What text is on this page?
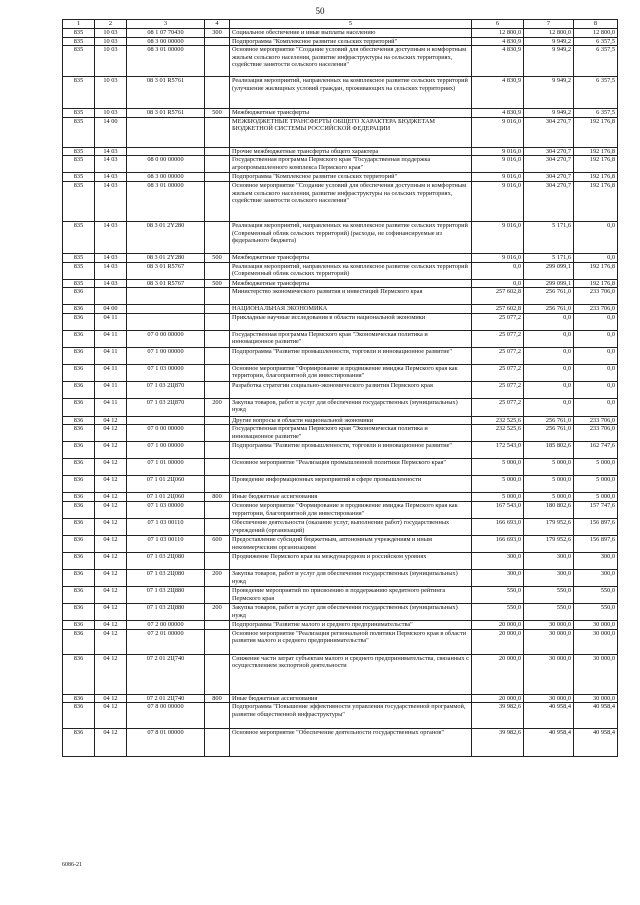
50
1	2	3	4	5	6	7	8
835	10 03	08 1 07 70430	300	Социальное обеспечение и иные выплаты населению	12 800,0	12 800,0	12 800,0
835	10 03	08 3 00 00000		Подпрограмма "Комплексное развитие сельских территорий"	4 830,9	9 949,2	6 357,5
835	10 03	08 3 01 00000		Основное мероприятие "Создание условий для обеспечения доступным и комфортным жильем сельского населения, развитие инфраструктуры на сельских территориях, содействие занятости сельского населения"	4 830,9	9 949,2	6 357,5
835	10 03	08 3 01 R5761		Реализация мероприятий, направленных на комплексное развитие сельских территорий (улучшение жилищных условий граждан, проживающих на сельских территориях)	4 830,9	9 949,2	6 357,5
835	10 03	08 3 01 R5761	500	Межбюджетные трансферты	4 830,9	9 949,2	6 357,5
835	14 00			МЕЖБЮДЖЕТНЫЕ ТРАНСФЕРТЫ ОБЩЕГО ХАРАКТЕРА БЮДЖЕТАМ БЮДЖЕТНОЙ СИСТЕМЫ РОССИЙСКОЙ ФЕДЕРАЦИИ	9 016,0	304 270,7	192 176,8
835	14 03			Прочие межбюджетные трансферты общего характера	9 016,0	304 270,7	192 176,8
835	14 03	08 0 00 00000		Государственная программа Пермского края "Государственная поддержка агропромышленного комплекса Пермского края"	9 016,0	304 270,7	192 176,8
835	14 03	08 3 00 00000		Подпрограмма "Комплексное развитие сельских территорий"	9 016,0	304 270,7	192 176,8
835	14 03	08 3 01 00000		Основное мероприятие "Создание условий для обеспечения доступным и комфортным жильем сельского населения, развитие инфраструктуры на сельских территориях, содействие занятости сельского населения"	9 016,0	304 270,7	192 176,8
835	14 03	08 3 01 2Y280		Реализация мероприятий, направленных на комплексное развитие сельских территорий (Современный облик сельских территорий) (расходы, не софинансируемые из федерального бюджета)	9 016,0	5 171,6	0,0
835	14 03	08 3 01 2Y280	500	Межбюджетные трансферты	9 016,0	5 171,6	0,0
835	14 03	08 3 01 R5767		Реализация мероприятий, направленных на комплексное развитие сельских территорий (Современный облик сельских территорий)	0,0	299 099,1	192 176,8
835	14 03	08 3 01 R5767	500	Межбюджетные трансферты	0,0	299 099,1	192 176,8
836				Министерство экономического развития и инвестиций Пермского края	257 602,8	256 761,0	233 706,0
836	04 00			НАЦИОНАЛЬНАЯ ЭКОНОМИКА	257 602,8	256 761,0	233 706,0
836	04 11			Прикладные научные исследования в области национальной экономики	25 077,2	0,0	0,0
836	04 11	07 0 00 00000		Государственная программа Пермского края "Экономическая политика и инновационное развитие"	25 077,2	0,0	0,0
836	04 11	07 1 00 00000		Подпрограмма "Развитие промышленности, торговли и инновационное развитие"	25 077,2	0,0	0,0
836	04 11	07 1 03 00000		Основное мероприятие "Формирование и продвижение имиджа Пермского края как территории, благоприятной для инвестирования"	25 077,2	0,0	0,0
836	04 11	07 1 03 2Ц870		Разработка стратегии социально-экономического развития Пермского края	25 077,2	0,0	0,0
836	04 11	07 1 03 2Ц870	200	Закупка товаров, работ и услуг для обеспечения государственных (муниципальных) нужд	25 077,2	0,0	0,0
836	04 12			Другие вопросы в области национальной экономики	232 525,6	256 761,0	233 706,0
836	04 12	07 0 00 00000		Государственная программа Пермского края "Экономическая политика и инновационное развитие"	232 525,6	256 761,0	233 706,0
836	04 12	07 1 00 00000		Подпрограмма "Развитие промышленности, торговли и инновационное развитие"	172 543,0	185 802,6	162 747,6
836	04 12	07 1 01 00000		Основное мероприятие "Реализация промышленной политики Пермского края"	5 000,0	5 000,0	5 000,0
836	04 12	07 1 01 2Ц060		Проведение информационных мероприятий в сфере промышленности	5 000,0	5 000,0	5 000,0
836	04 12	07 1 01 2Ц060	800	Иные бюджетные ассигнования	5 000,0	5 000,0	5 000,0
836	04 12	07 1 03 00000		Основное мероприятие "Формирование и продвижение имиджа Пермского края как территории, благоприятной для инвестирования"	167 543,0	180 802,6	157 747,6
836	04 12	07 1 03 00110		Обеспечение деятельности (оказание услуг, выполнение работ) государственных учреждений (организаций)	166 693,0	179 952,6	156 897,6
836	04 12	07 1 03 00110	600	Предоставление субсидий бюджетным, автономным учреждениям и иным некоммерческим организациям	166 693,0	179 952,6	156 897,6
836	04 12	07 1 03 2Ц080		Продвижение Пермского края на международном и российском уровнях	300,0	300,0	300,0
836	04 12	07 1 03 2Ц080	200	Закупка товаров, работ и услуг для обеспечения государственных (муниципальных) нужд	300,0	300,0	300,0
836	04 12	07 1 03 2Ц880		Проведение мероприятий по присвоению и поддержанию кредитного рейтинга Пермского края	550,0	550,0	550,0
836	04 12	07 1 03 2Ц880	200	Закупка товаров, работ и услуг для обеспечения государственных (муниципальных) нужд	550,0	550,0	550,0
836	04 12	07 2 00 00000		Подпрограмма "Развитие малого и среднего предпринимательства"	20 000,0	30 000,0	30 000,0
836	04 12	07 2 01 00000		Основное мероприятие "Реализация региональной политики Пермского края в области развития малого и среднего предпринимательства"	20 000,0	30 000,0	30 000,0
836	04 12	07 2 01 2Ц740		Снижение части затрат субъектам малого и среднего предпринимательства, связанных с осуществлением экспортной деятельности	20 000,0	30 000,0	30 000,0
836	04 12	07 2 01 2Ц740	800	Иные бюджетные ассигнования	20 000,0	30 000,0	30 000,0
836	04 12	07 8 00 00000		Подпрограмма "Повышение эффективности управления государственной программой, развитие общественной инфраструктуры"	39 982,6	40 958,4	40 958,4
836	04 12	07 8 01 00000		Основное мероприятие "Обеспечение деятельности государственных органов"	39 982,6	40 958,4	40 958,4
6086-21
